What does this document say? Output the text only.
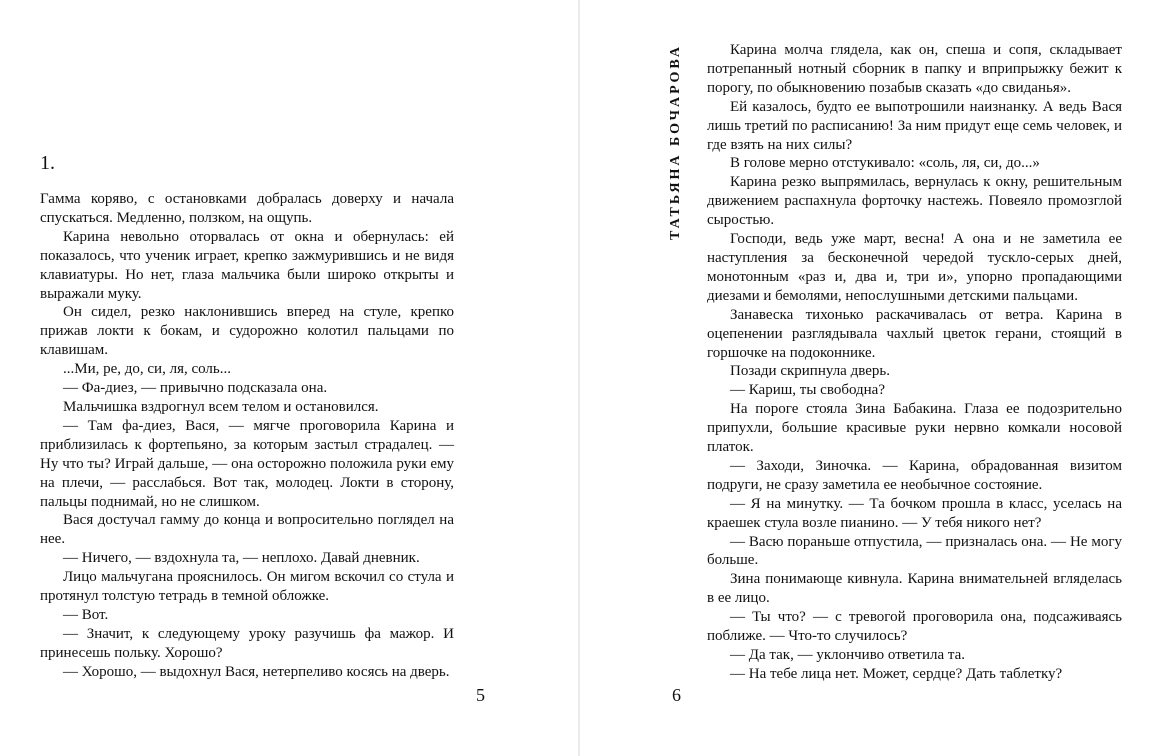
1.

Гамма коряво, с остановками добралась доверху и начала спускаться. Медленно, ползком, на ощупь.

Карина невольно оторвалась от окна и обернулась: ей показалось, что ученик играет, крепко зажмурившись и не видя клавиатуры. Но нет, глаза мальчика были широко открыты и выражали муку.

Он сидел, резко наклонившись вперед на стуле, крепко прижав локти к бокам, и судорожно колотил пальцами по клавишам.

...Ми, ре, до, си, ля, соль...

— Фа-диез, — привычно подсказала она.

Мальчишка вздрогнул всем телом и остановился.

— Там фа-диез, Вася, — мягче проговорила Карина и приблизилась к фортепьяно, за которым застыл страдалец. — Ну что ты? Играй дальше, — она осторожно положила руки ему на плечи, — расслабься. Вот так, молодец. Локти в сторону, пальцы поднимай, но не слишком.

Вася достучал гамму до конца и вопросительно поглядел на нее.

— Ничего, — вздохнула та, — неплохо. Давай дневник.

Лицо мальчугана прояснилось. Он мигом вскочил со стула и протянул толстую тетрадь в темной обложке.

— Вот.

— Значит, к следующему уроку разучишь фа мажор. И принесешь польку. Хорошо?

— Хорошо, — выдохнул Вася, нетерпеливо косясь на дверь.

5
ТАТЬЯНА БОЧАРОВА	Карина молча глядела, как он, спеша и сопя, складывает потрепанный нотный сборник в папку и вприпрыжку бежит к порогу, по обыкновению позабыв сказать «до свиданья».

Ей казалось, будто ее выпотрошили наизнанку. А ведь Вася лишь третий по расписанию! За ним придут еще семь человек, и где взять на них силы?

В голове мерно отстукивало: «соль, ля, си, до...»

Карина резко выпрямилась, вернулась к окну, решительным движением распахнула форточку настежь. Повеяло промозглой сыростью.

Господи, ведь уже март, весна! А она и не заметила ее наступления за бесконечной чередой тускло-серых дней, монотонным «раз и, два и, три и», упорно пропадающими диезами и бемолями, непослушными детскими пальцами.

Занавеска тихонько раскачивалась от ветра. Карина в оцепенении разглядывала чахлый цветок герани, стоящий в горшочке на подоконнике.

Позади скрипнула дверь.

— Кариш, ты свободна?

На пороге стояла Зина Бабакина. Глаза ее подозрительно припухли, большие красивые руки нервно комкали носовой платок.

— Заходи, Зиночка. — Карина, обрадованная визитом подруги, не сразу заметила ее необычное состояние.

— Я на минутку. — Та бочком прошла в класс, уселась на краешек стула возле пианино. — У тебя никого нет?

— Васю пораньше отпустила, — призналась она. — Не могу больше.

Зина понимающе кивнула. Карина внимательней вгляделась в ее лицо.

— Ты что? — с тревогой проговорила она, подсаживаясь поближе. — Что-то случилось?

— Да так, — уклончиво ответила та.

— На тебе лица нет. Может, сердце? Дать таблетку?

6
